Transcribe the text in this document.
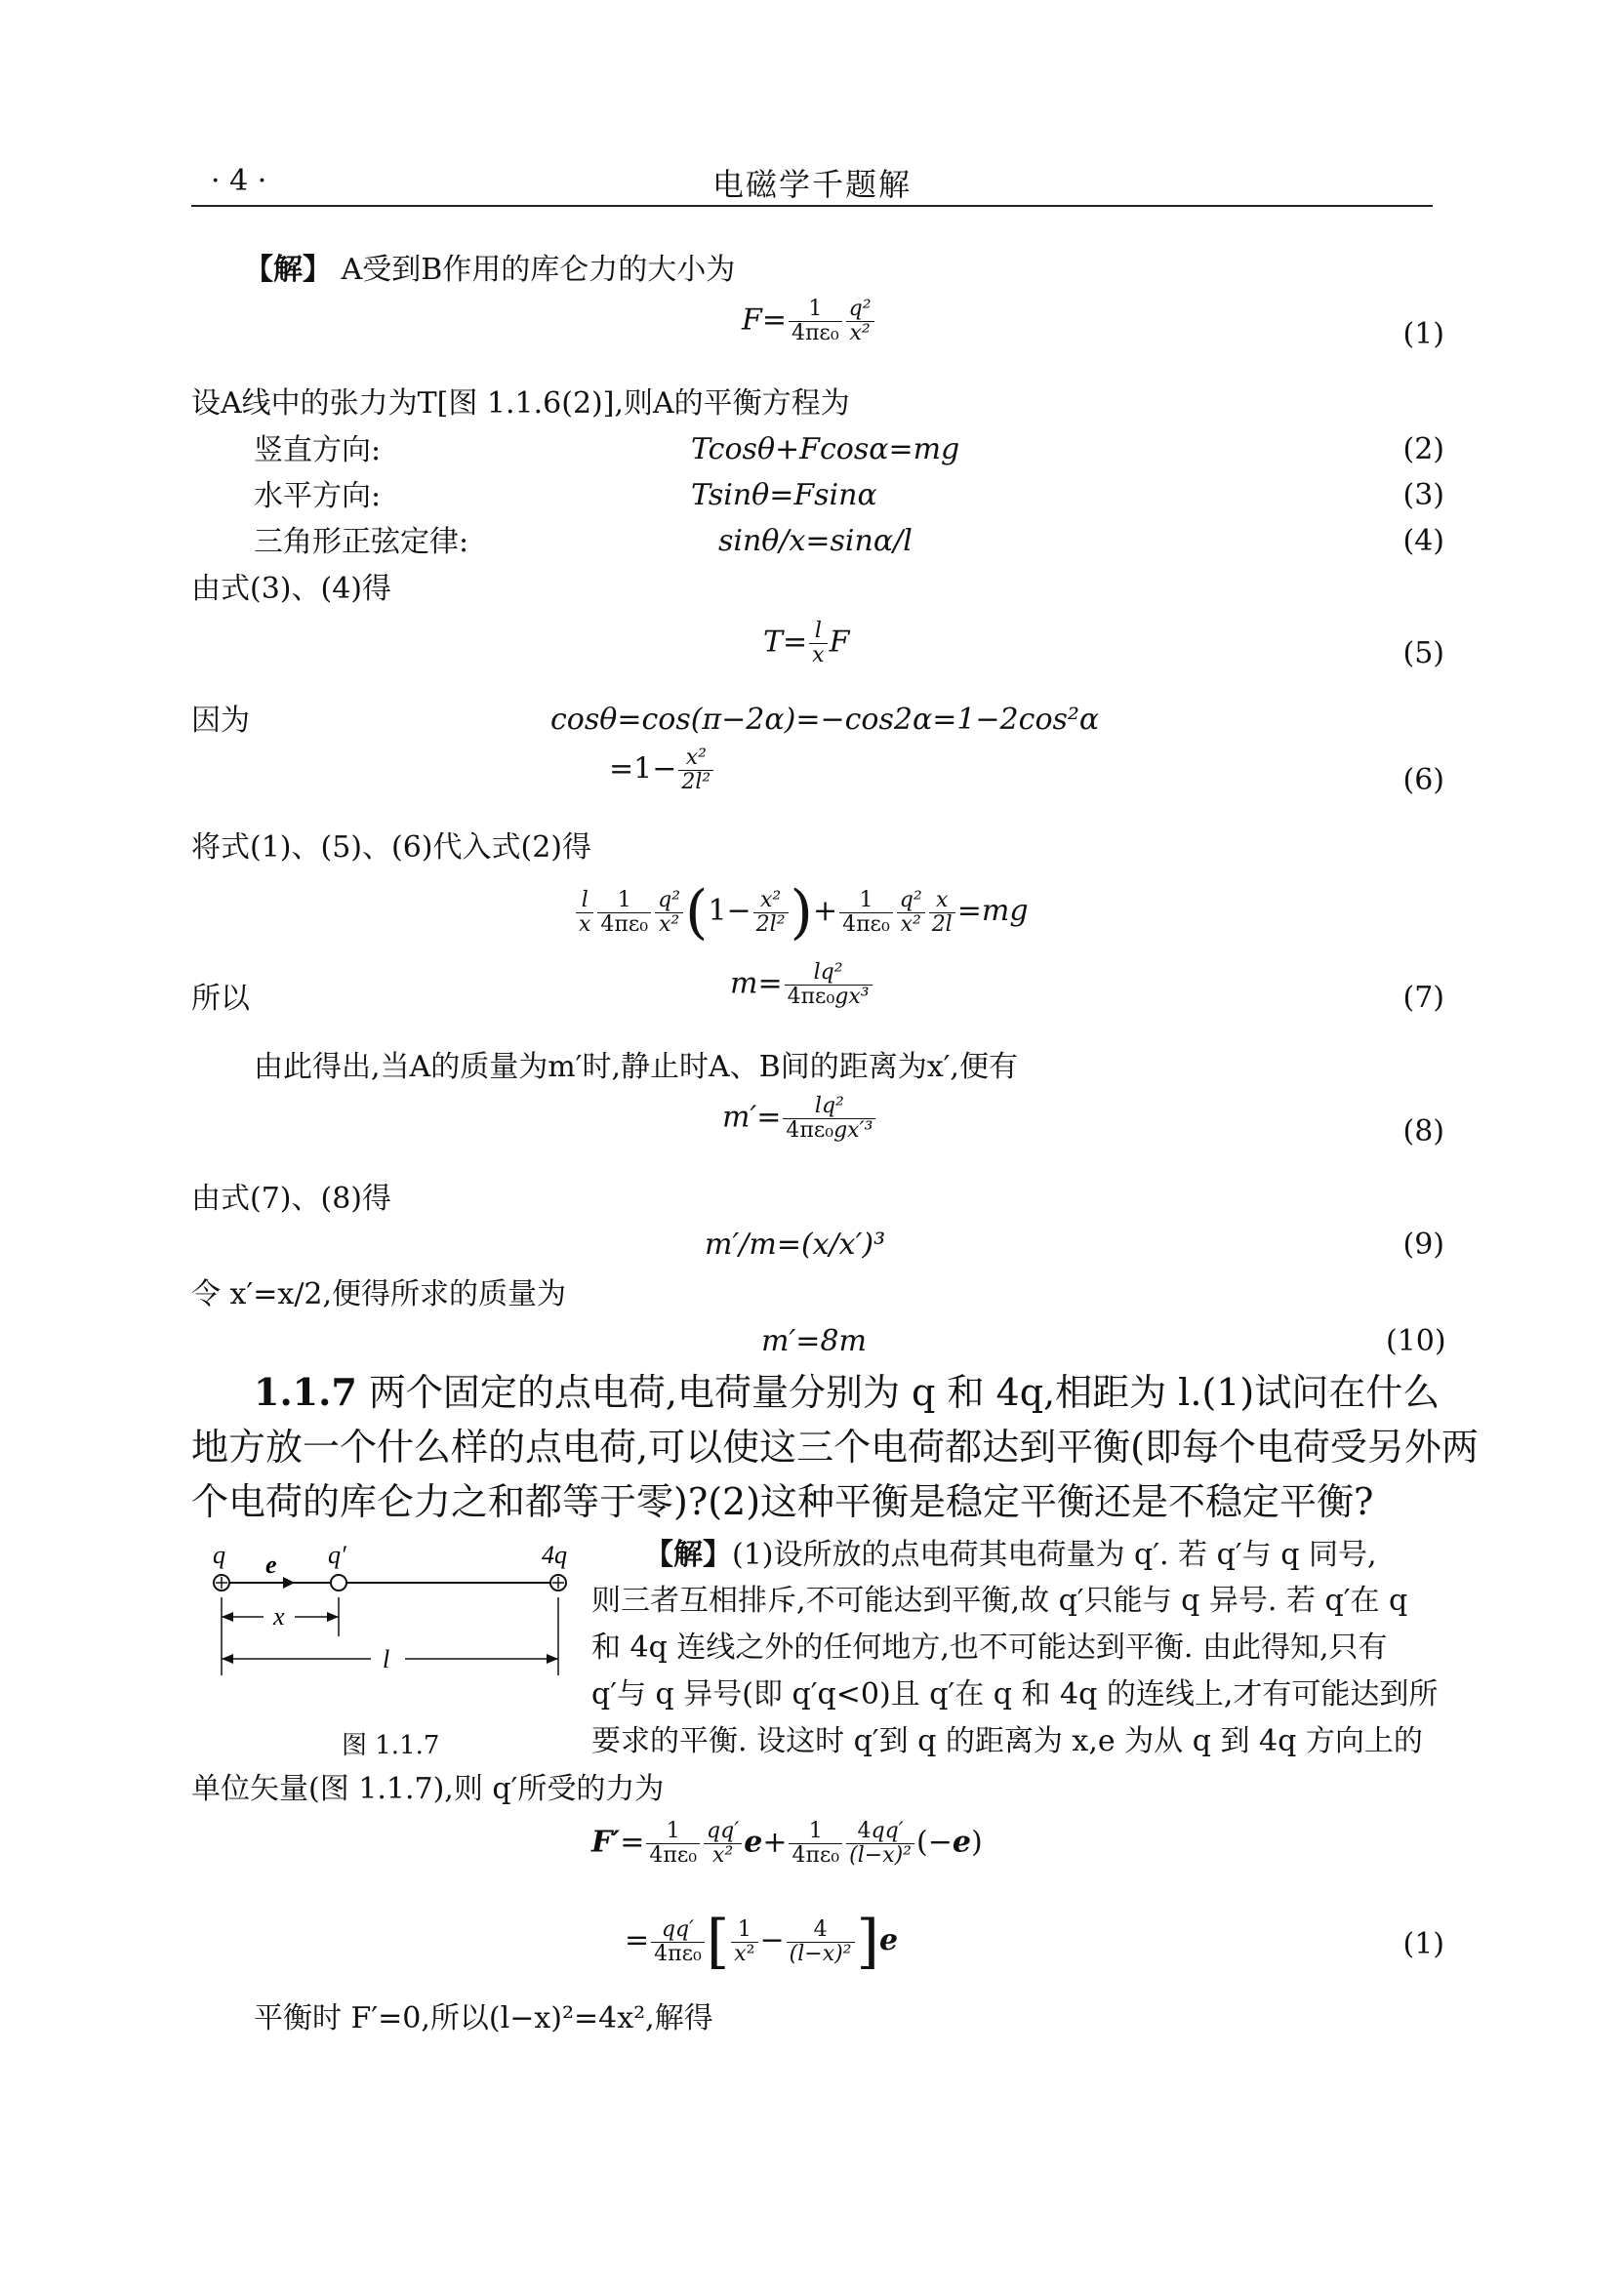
· 4 ·	电磁学千题解
【解】 A受到B作用的库仑力的大小为
$F= \frac{1}{\text{4πε₀}} \frac{\text{q²}}{\text{x²}}$	(1)
设A线中的张力为T[图 1.1.6(2)],则A的平衡方程为
竖直方向:	Tcosθ+Fcosα=mg	(2)
水平方向:	Tsinθ=Fsinα	(3)
三角形正弦定律:	sinθ/x=sinα/l	(4)
由式(3)、(4)得
$T= \frac{l}{x}$ F	(5)
因为	cosθ=cos(π−2α)=−cos2α=1−2cos²α
$=1- \frac{\text{x²}}{\text{2l²}}$	(6)
将式(1)、(5)、(6)代入式(2)得
$\frac{l}{x} \frac{1}{\text{4πε₀}} \frac{\text{q²}}{\text{x²}} (1- \frac{\text{x²}}{\text{2l²}}$ )+ $\frac{1}{\text{4πε₀}} \frac{\text{q²}}{\text{x²}} \frac{x}{2l} =mg$
所以	$m= \frac{\text{lq²}}{\text{4πε₀gx³}}$	(7)
由此得出,当A的质量为m′时,静止时A、B间的距离为x′,便有
$m'= \frac{\text{lq²}}{\text{4πε₀gx′³}}$	(8)
由式(7)、(8)得
m′/m=(x/x′)³	(9)
令 x′=x/2,便得所求的质量为
m′=8m	(10)
1.1.7 两个固定的点电荷,电荷量分别为 q 和 4q,相距为 l.(1)试问在什么
地方放一个什么样的点电荷,可以使这三个电荷都达到平衡(即每个电荷受另外两
个电荷的库仑力之和都等于零)?(2)这种平衡是稳定平衡还是不稳定平衡?
q e q′	4q
x
l
图 1.1.7
【解】(1)设所放的点电荷其电荷量为 q′. 若 q′与 q 同号,
则三者互相排斥,不可能达到平衡,故 q′只能与 q 异号. 若 q′在 q
和 4q 连线之外的任何地方,也不可能达到平衡. 由此得知,只有
q′与 q 异号(即 q′q<0)且 q′在 q 和 4q 的连线上,才有可能达到所
要求的平衡. 设这时 q′到 q 的距离为 x,e 为从 q 到 4q 方向上的
单位矢量(图 1.1.7),则 q′所受的力为
$F'= \frac{1}{\text{4πε₀}} \frac{qq'}{\text{x²}} e+ \frac{1}{\text{4πε₀}} \frac{4qq'}{\text{(l−x)²}} (-e)$
= $\frac{qq'}{\text{4πε₀}}$ [ $\frac{1}{\text{x²}} - \frac{4}{\text{(l−x)²}} ]e$	(1)
平衡时 F′=0,所以(l−x)²=4x²,解得
